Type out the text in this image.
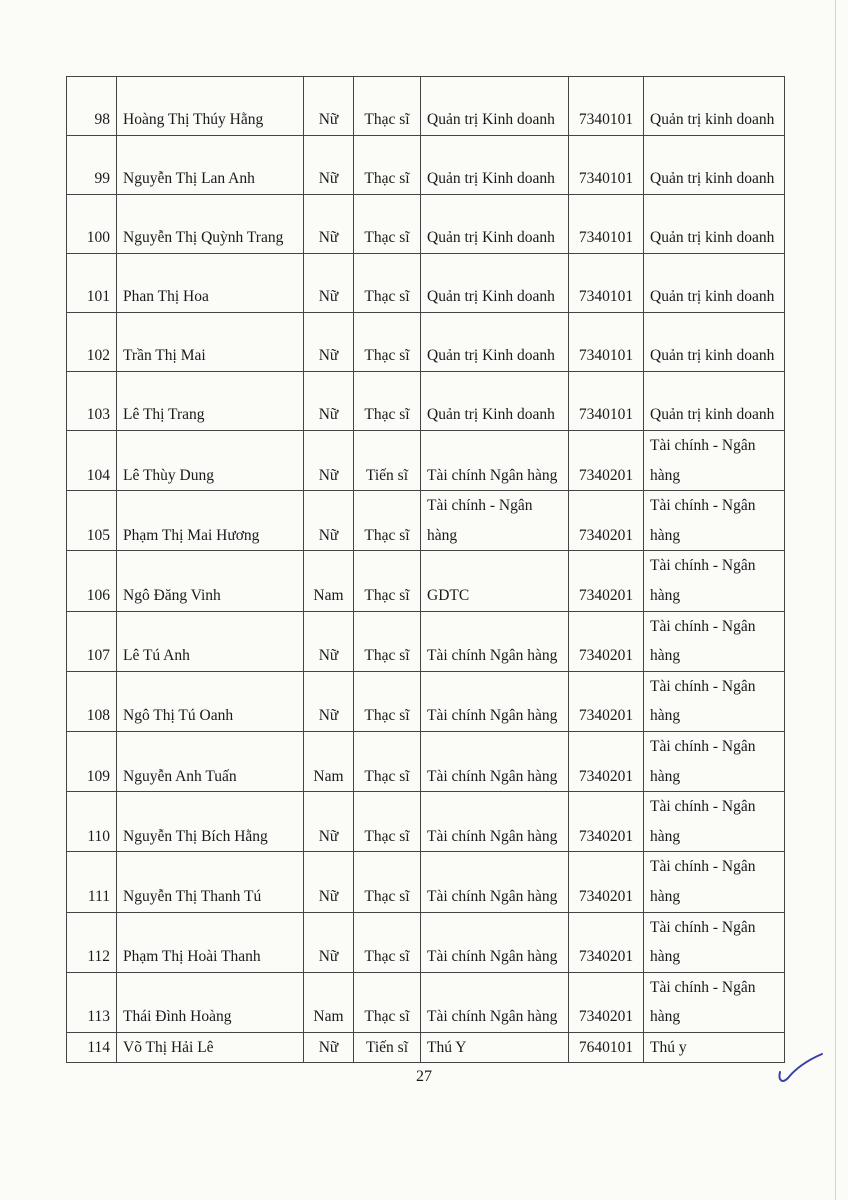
98	Hoàng Thị Thúy Hằng	Nữ	Thạc sĩ	Quản trị Kinh doanh	7340101	Quản trị kinh doanh
99	Nguyễn Thị Lan Anh	Nữ	Thạc sĩ	Quản trị Kinh doanh	7340101	Quản trị kinh doanh
100	Nguyễn Thị Quỳnh Trang	Nữ	Thạc sĩ	Quản trị Kinh doanh	7340101	Quản trị kinh doanh
101	Phan Thị Hoa	Nữ	Thạc sĩ	Quản trị Kinh doanh	7340101	Quản trị kinh doanh
102	Trần Thị Mai	Nữ	Thạc sĩ	Quản trị Kinh doanh	7340101	Quản trị kinh doanh
103	Lê Thị Trang	Nữ	Thạc sĩ	Quản trị Kinh doanh	7340101	Quản trị kinh doanh
104	Lê Thùy Dung	Nữ	Tiến sĩ	Tài chính Ngân hàng	7340201	Tài chính - Ngân hàng
105	Phạm Thị Mai Hương	Nữ	Thạc sĩ	Tài chính - Ngân hàng	7340201	Tài chính - Ngân hàng
106	Ngô Đăng Vinh	Nam	Thạc sĩ	GDTC	7340201	Tài chính - Ngân hàng
107	Lê Tú Anh	Nữ	Thạc sĩ	Tài chính Ngân hàng	7340201	Tài chính - Ngân hàng
108	Ngô Thị Tú Oanh	Nữ	Thạc sĩ	Tài chính Ngân hàng	7340201	Tài chính - Ngân hàng
109	Nguyễn Anh Tuấn	Nam	Thạc sĩ	Tài chính Ngân hàng	7340201	Tài chính - Ngân hàng
110	Nguyễn Thị Bích Hằng	Nữ	Thạc sĩ	Tài chính Ngân hàng	7340201	Tài chính - Ngân hàng
111	Nguyễn Thị Thanh Tú	Nữ	Thạc sĩ	Tài chính Ngân hàng	7340201	Tài chính - Ngân hàng
112	Phạm Thị Hoài Thanh	Nữ	Thạc sĩ	Tài chính Ngân hàng	7340201	Tài chính - Ngân hàng
113	Thái Đình Hoàng	Nam	Thạc sĩ	Tài chính Ngân hàng	7340201	Tài chính - Ngân hàng
114	Võ Thị Hải Lê	Nữ	Tiến sĩ	Thú Y	7640101	Thú y
27
